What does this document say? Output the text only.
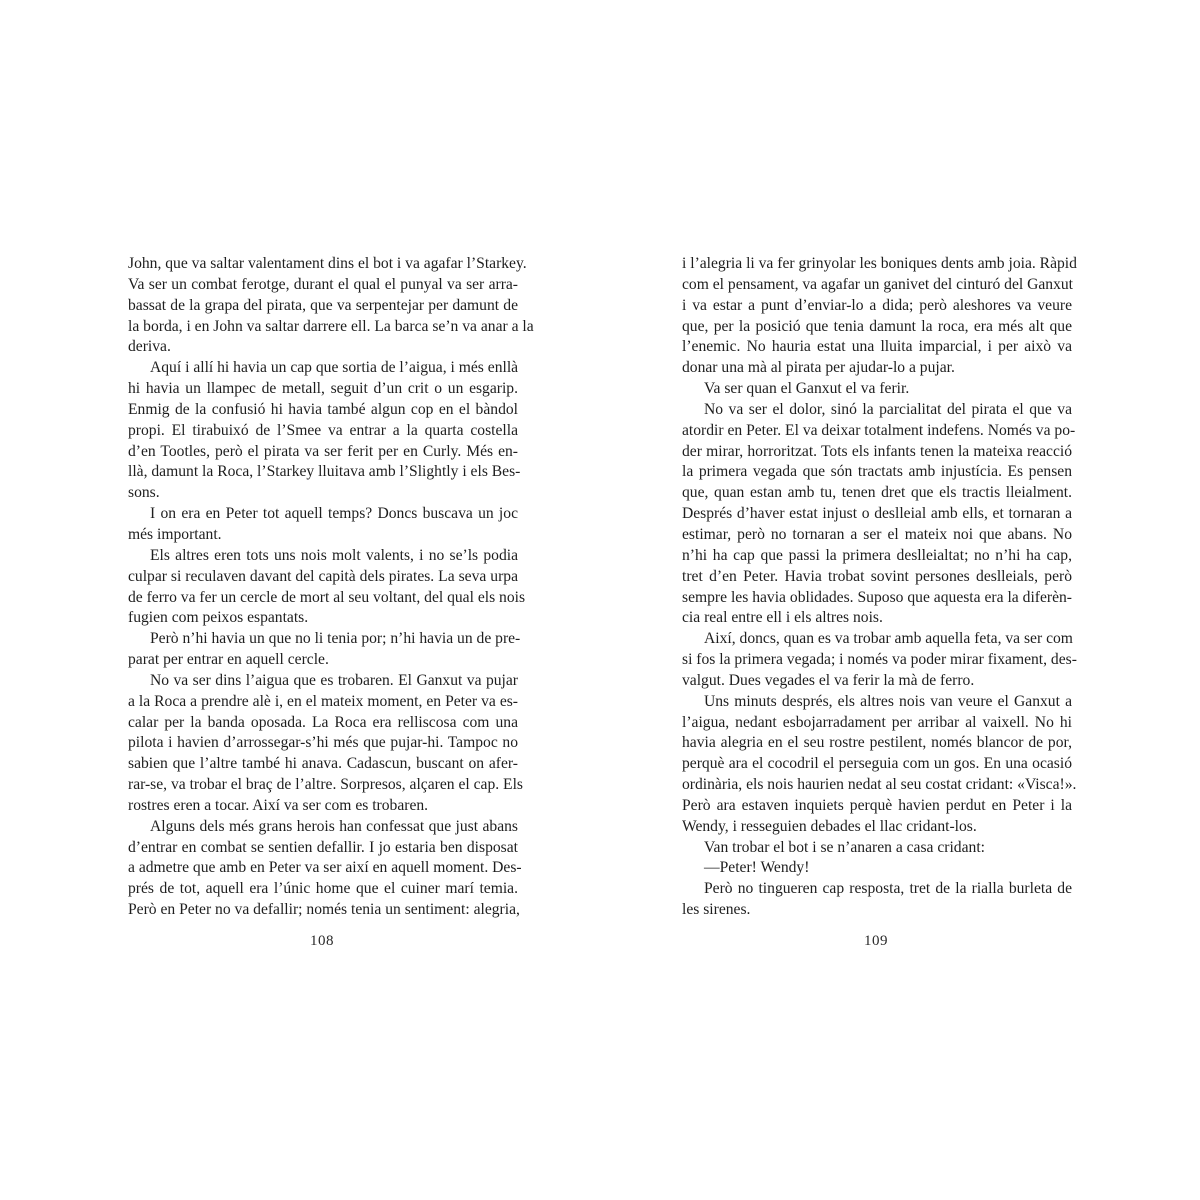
John, que va saltar valentament dins el bot i va agafar l’Starkey.
Va ser un combat ferotge, durant el qual el punyal va ser arra-
bassat de la grapa del pirata, que va serpentejar per damunt de
la borda, i en John va saltar darrere ell. La barca se’n va anar a la
deriva.
Aquí i allí hi havia un cap que sortia de l’aigua, i més enllà
hi havia un llampec de metall, seguit d’un crit o un esgarip.
Enmig de la confusió hi havia també algun cop en el bàndol
propi. El tirabuixó de l’Smee va entrar a la quarta costella
d’en Tootles, però el pirata va ser ferit per en Curly. Més en-
llà, damunt la Roca, l’Starkey lluitava amb l’Slightly i els Bes-
sons.
I on era en Peter tot aquell temps? Doncs buscava un joc
més important.
Els altres eren tots uns nois molt valents, i no se’ls podia
culpar si reculaven davant del capità dels pirates. La seva urpa
de ferro va fer un cercle de mort al seu voltant, del qual els nois
fugien com peixos espantats.
Però n’hi havia un que no li tenia por; n’hi havia un de pre-
parat per entrar en aquell cercle.
No va ser dins l’aigua que es trobaren. El Ganxut va pujar
a la Roca a prendre alè i, en el mateix moment, en Peter va es-
calar per la banda oposada. La Roca era relliscosa com una
pilota i havien d’arrossegar-s’hi més que pujar-hi. Tampoc no
sabien que l’altre també hi anava. Cadascun, buscant on afer-
rar-se, va trobar el braç de l’altre. Sorpresos, alçaren el cap. Els
rostres eren a tocar. Així va ser com es trobaren.
Alguns dels més grans herois han confessat que just abans
d’entrar en combat se sentien defallir. I jo estaria ben disposat
a admetre que amb en Peter va ser així en aquell moment. Des-
prés de tot, aquell era l’únic home que el cuiner marí temia.
Però en Peter no va defallir; només tenia un sentiment: alegria,
108
i l’alegria li va fer grinyolar les boniques dents amb joia. Ràpid
com el pensament, va agafar un ganivet del cinturó del Ganxut
i va estar a punt d’enviar-lo a dida; però aleshores va veure
que, per la posició que tenia damunt la roca, era més alt que
l’enemic. No hauria estat una lluita imparcial, i per això va
donar una mà al pirata per ajudar-lo a pujar.
Va ser quan el Ganxut el va ferir.
No va ser el dolor, sinó la parcialitat del pirata el que va
atordir en Peter. El va deixar totalment indefens. Només va po-
der mirar, horroritzat. Tots els infants tenen la mateixa reacció
la primera vegada que són tractats amb injustícia. Es pensen
que, quan estan amb tu, tenen dret que els tractis lleialment.
Després d’haver estat injust o deslleial amb ells, et tornaran a
estimar, però no tornaran a ser el mateix noi que abans. No
n’hi ha cap que passi la primera deslleialtat; no n’hi ha cap,
tret d’en Peter. Havia trobat sovint persones deslleials, però
sempre les havia oblidades. Suposo que aquesta era la diferèn-
cia real entre ell i els altres nois.
Així, doncs, quan es va trobar amb aquella feta, va ser com
si fos la primera vegada; i només va poder mirar fixament, des-
valgut. Dues vegades el va ferir la mà de ferro.
Uns minuts després, els altres nois van veure el Ganxut a
l’aigua, nedant esbojarradament per arribar al vaixell. No hi
havia alegria en el seu rostre pestilent, només blancor de por,
perquè ara el cocodril el perseguia com un gos. En una ocasió
ordinària, els nois haurien nedat al seu costat cridant: «Visca!».
Però ara estaven inquiets perquè havien perdut en Peter i la
Wendy, i resseguien debades el llac cridant-los.
Van trobar el bot i se n’anaren a casa cridant:
—Peter! Wendy!
Però no tingueren cap resposta, tret de la rialla burleta de
les sirenes.
109
